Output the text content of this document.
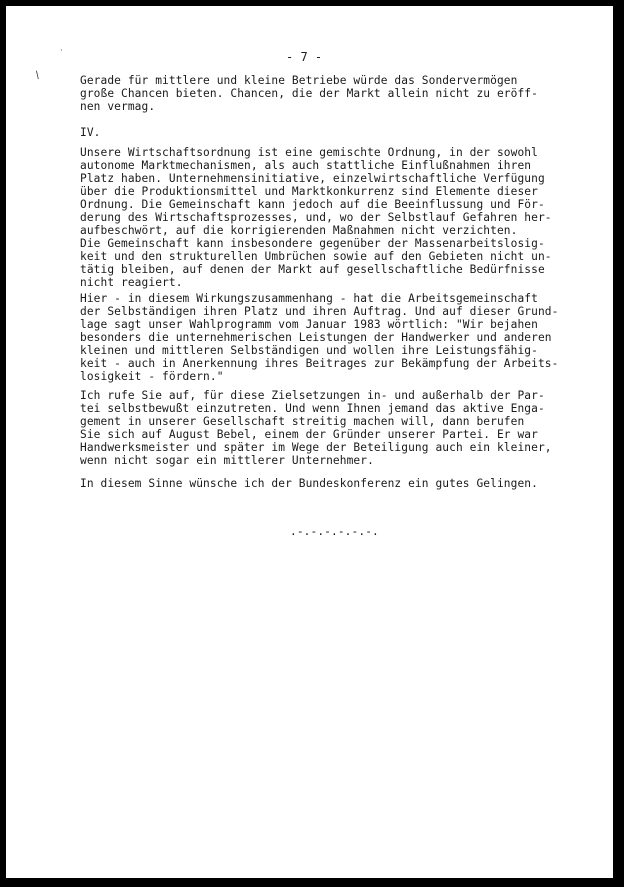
·
/
- 7 -

Gerade für mittlere und kleine Betriebe würde das Sondervermögen
große Chancen bieten. Chancen, die der Markt allein nicht zu eröff-
nen vermag.

IV.

Unsere Wirtschaftsordnung ist eine gemischte Ordnung, in der sowohl
autonome Marktmechanismen, als auch stattliche Einflußnahmen ihren
Platz haben. Unternehmensinitiative, einzelwirtschaftliche Verfügung
über die Produktionsmittel und Marktkonkurrenz sind Elemente dieser
Ordnung. Die Gemeinschaft kann jedoch auf die Beeinflussung und För-
derung des Wirtschaftsprozesses, und, wo der Selbstlauf Gefahren her-
aufbeschwört, auf die korrigierenden Maßnahmen nicht verzichten.
Die Gemeinschaft kann insbesondere gegenüber der Massenarbeitslosig-
keit und den strukturellen Umbrüchen sowie auf den Gebieten nicht un-
tätig bleiben, auf denen der Markt auf gesellschaftliche Bedürfnisse
nicht reagiert.

Hier - in diesem Wirkungszusammenhang - hat die Arbeitsgemeinschaft
der Selbständigen ihren Platz und ihren Auftrag. Und auf dieser Grund-
lage sagt unser Wahlprogramm vom Januar 1983 wörtlich: "Wir bejahen
besonders die unternehmerischen Leistungen der Handwerker und anderen
kleinen und mittleren Selbständigen und wollen ihre Leistungsfähig-
keit - auch in Anerkennung ihres Beitrages zur Bekämpfung der Arbeits-
losigkeit - fördern."

Ich rufe Sie auf, für diese Zielsetzungen in- und außerhalb der Par-
tei selbstbewußt einzutreten. Und wenn Ihnen jemand das aktive Enga-
gement in unserer Gesellschaft streitig machen will, dann berufen
Sie sich auf August Bebel, einem der Gründer unserer Partei. Er war
Handwerksmeister und später im Wege der Beteiligung auch ein kleiner,
wenn nicht sogar ein mittlerer Unternehmer.

In diesem Sinne wünsche ich der Bundeskonferenz ein gutes Gelingen.

.-.-.-.-.-.-.
